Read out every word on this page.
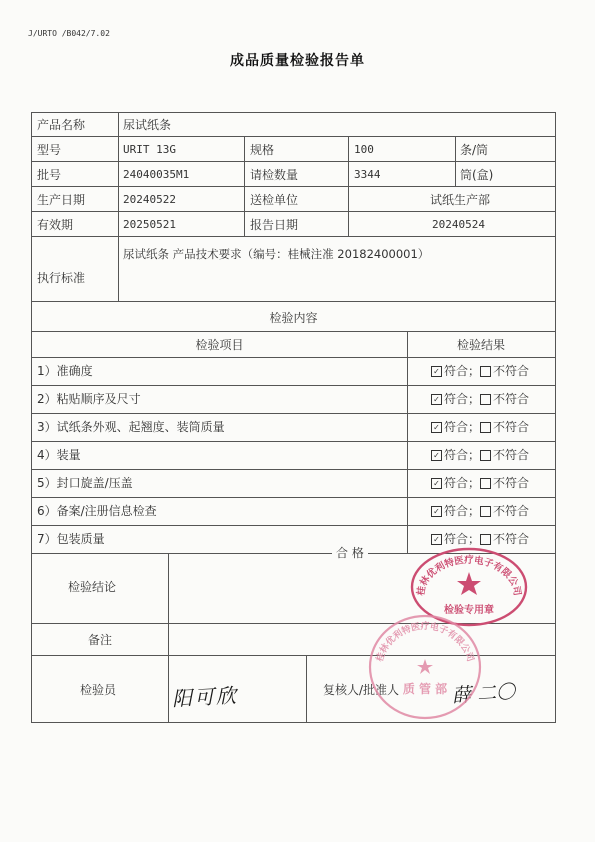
J/URTO /B042/7.02
成品质量检验报告单
产品名称	尿试纸条
型号	URIT 13G	规格	100	条/筒
批号	24040035M1	请检数量	3344	筒(盒)
生产日期	20240522	送检单位	试纸生产部
有效期	20250521	报告日期	20240524
执行标准
尿试纸条 产品技术要求（编号：桂械注准 20182400001）
检验内容
检验项目	检验结果
1）准确度	✓ 符合； 不符合
2）粘贴顺序及尺寸	✓ 符合； 不符合
3）试纸条外观、起翘度、装筒质量	✓ 符合； 不符合
4）装量	✓ 符合； 不符合
5）封口旋盖/压盖	✓ 符合； 不符合
6）备案/注册信息检查	✓ 符合； 不符合
7）包装质量	✓ 符合； 不符合
检验结论
合 格
桂林优利特医疗电子有限公司
检验专用章
备注
检验员	阳可欣	复核人/批准人	薛 二〇
桂林优利特医疗电子有限公司
质 管 部
